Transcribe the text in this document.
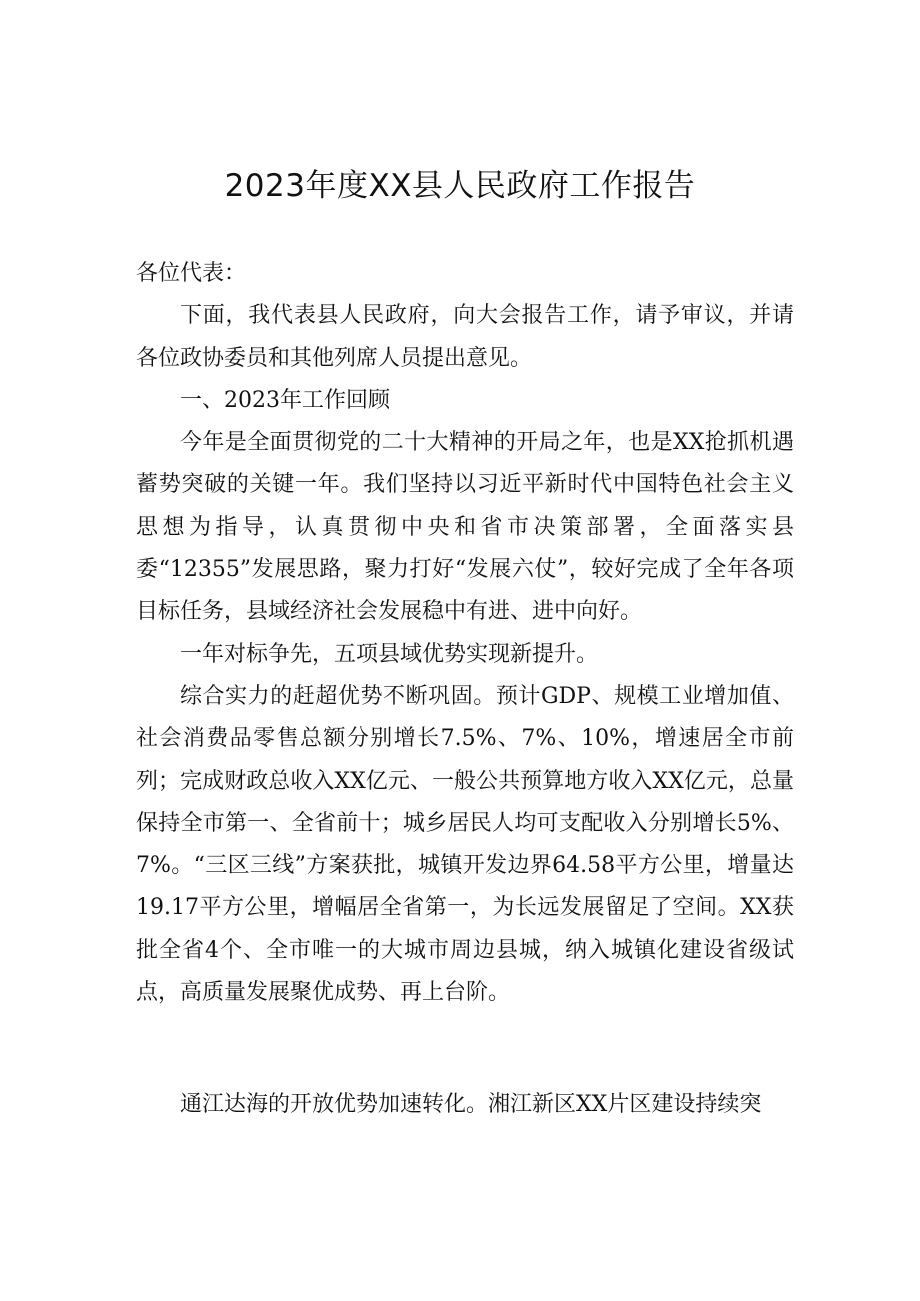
2023年度XX县人民政府工作报告

各位代表：

下面，我代表县人民政府，向大会报告工作，请予审议，并请各位政协委员和其他列席人员提出意见。

一、2023年工作回顾

今年是全面贯彻党的二十大精神的开局之年，也是XX抢抓机遇蓄势突破的关键一年。我们坚持以习近平新时代中国特色社会主义思想为指导，认真贯彻中央和省市决策部署，全面落实县委“12355”发展思路，聚力打好“发展六仗”，较好完成了全年各项目标任务，县域经济社会发展稳中有进、进中向好。

一年对标争先，五项县域优势实现新提升。

综合实力的赶超优势不断巩固。预计GDP、规模工业增加值、社会消费品零售总额分别增长7.5%、7%、10%，增速居全市前列；完成财政总收入XX亿元、一般公共预算地方收入XX亿元，总量保持全市第一、全省前十；城乡居民人均可支配收入分别增长5%、7%。“三区三线”方案获批，城镇开发边界64.58平方公里，增量达19.17平方公里，增幅居全省第一，为长远发展留足了空间。XX获批全省4个、全市唯一的大城市周边县城，纳入城镇化建设省级试点，高质量发展聚优成势、再上台阶。

通江达海的开放优势加速转化。湘江新区XX片区建设持续突
